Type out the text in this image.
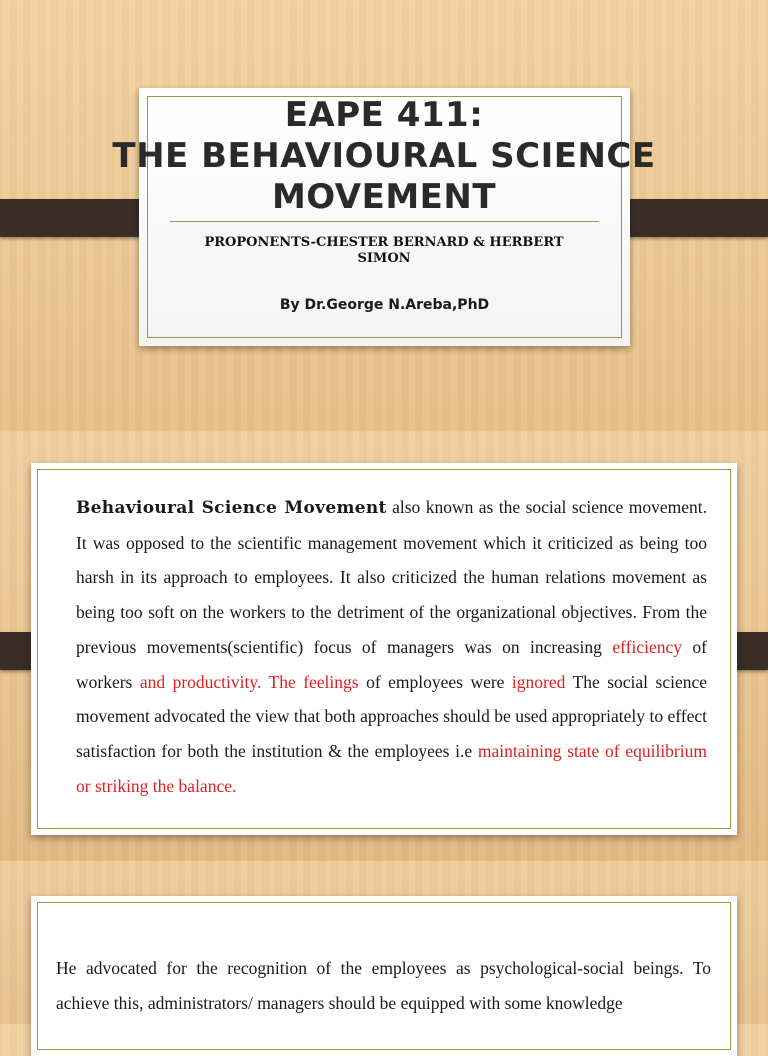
EAPE 411:
THE BEHAVIOURAL SCIENCE
MOVEMENT
PROPONENTS-CHESTER BERNARD & HERBERT
SIMON
By Dr.George N.Areba,PhD
Behavioural Science Movement also known as the social science movement. It was opposed to the scientific management movement which it criticized as being too harsh in its approach to employees. It also criticized the human relations movement as being too soft on the workers to the detriment of the organizational objectives. From the previous movements(scientific) focus of managers was on increasing efficiency of workers and productivity. The feelings of employees were ignored The social science movement advocated the view that both approaches should be used appropriately to effect satisfaction for both the institution & the employees i.e maintaining state of equilibrium or striking the balance.
He advocated for the recognition of the employees as psychological-social beings. To achieve this, administrators/ managers should be equipped with some knowledge
